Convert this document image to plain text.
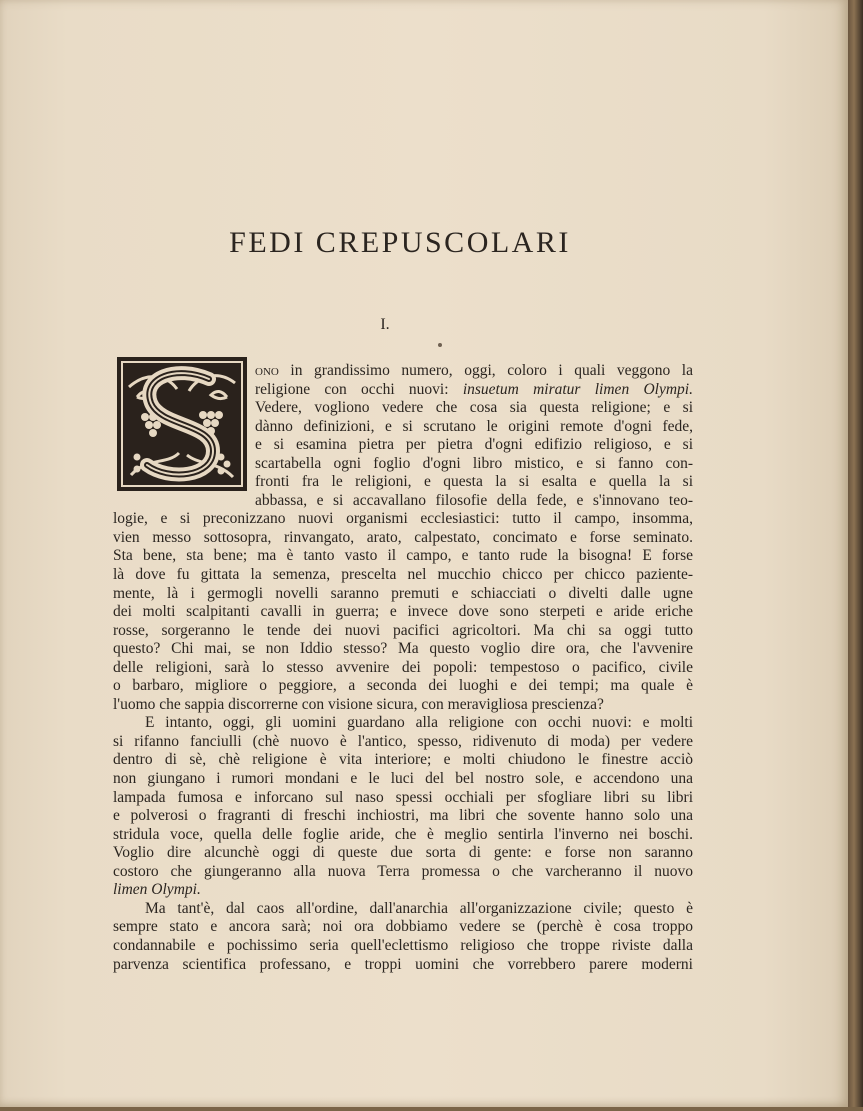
FEDI CREPUSCOLARI
I.
ono in grandissimo numero, oggi, coloro i quali veggono la
religione con occhi nuovi: insuetum miratur limen Olympi.
Vedere, vogliono vedere che cosa sia questa religione; e si
dànno definizioni, e si scrutano le origini remote d'ogni fede,
e si esamina pietra per pietra d'ogni edifizio religioso, e si
scartabella ogni foglio d'ogni libro mistico, e si fanno con-
fronti fra le religioni, e questa la si esalta e quella la si
abbassa, e si accavallano filosofie della fede, e s'innovano teo-
logie, e si preconizzano nuovi organismi ecclesiastici: tutto il campo, insomma,
vien messo sottosopra, rinvangato, arato, calpestato, concimato e forse seminato.
Sta bene, sta bene; ma è tanto vasto il campo, e tanto rude la bisogna! E forse
là dove fu gittata la semenza, prescelta nel mucchio chicco per chicco paziente-
mente, là i germogli novelli saranno premuti e schiacciati o divelti dalle ugne
dei molti scalpitanti cavalli in guerra; e invece dove sono sterpeti e aride eriche
rosse, sorgeranno le tende dei nuovi pacifici agricoltori. Ma chi sa oggi tutto
questo? Chi mai, se non Iddio stesso? Ma questo voglio dire ora, che l'avvenire
delle religioni, sarà lo stesso avvenire dei popoli: tempestoso o pacifico, civile
o barbaro, migliore o peggiore, a seconda dei luoghi e dei tempi; ma quale è
l'uomo che sappia discorrerne con visione sicura, con meravigliosa prescienza?
E intanto, oggi, gli uomini guardano alla religione con occhi nuovi: e molti
si rifanno fanciulli (chè nuovo è l'antico, spesso, ridivenuto di moda) per vedere
dentro di sè, chè religione è vita interiore; e molti chiudono le finestre acciò
non giungano i rumori mondani e le luci del bel nostro sole, e accendono una
lampada fumosa e inforcano sul naso spessi occhiali per sfogliare libri su libri
e polverosi o fragranti di freschi inchiostri, ma libri che sovente hanno solo una
stridula voce, quella delle foglie aride, che è meglio sentirla l'inverno nei boschi.
Voglio dire alcunchè oggi di queste due sorta di gente: e forse non saranno
costoro che giungeranno alla nuova Terra promessa o che varcheranno il nuovo
limen Olympi.
Ma tant'è, dal caos all'ordine, dall'anarchia all'organizzazione civile; questo è
sempre stato e ancora sarà; noi ora dobbiamo vedere se (perchè è cosa troppo
condannabile e pochissimo seria quell'eclettismo religioso che troppe riviste dalla
parvenza scientifica professano, e troppi uomini che vorrebbero parere moderni
